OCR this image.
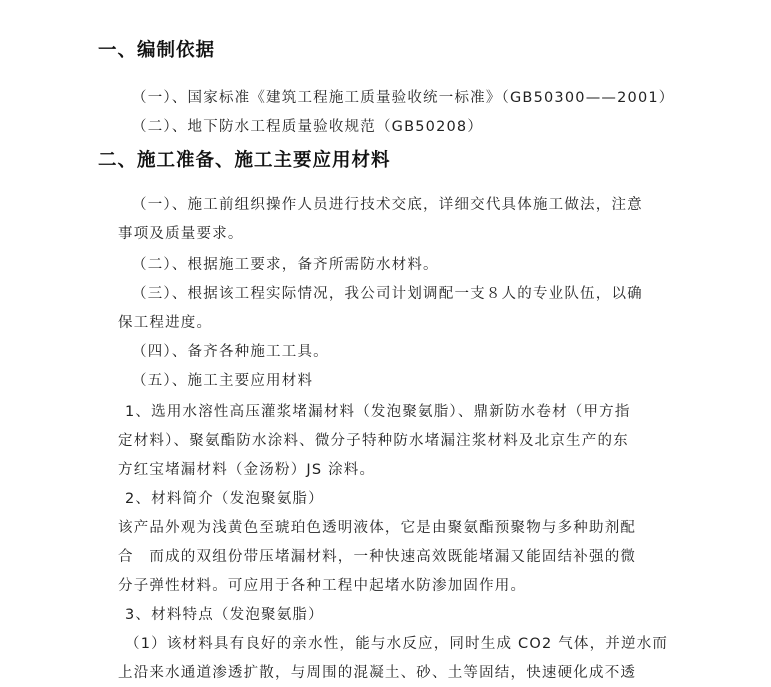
一、编制依据
（一）、国家标准《建筑工程施工质量验收统一标准》（GB50300——2001）
（二）、地下防水工程质量验收规范（GB50208）
二、施工准备、施工主要应用材料
（一）、施工前组织操作人员进行技术交底，详细交代具体施工做法，注意
事项及质量要求。
（二）、根据施工要求，备齐所需防水材料。
（三）、根据该工程实际情况，我公司计划调配一支８人的专业队伍，以确
保工程进度。
（四）、备齐各种施工工具。
（五）、施工主要应用材料
1、选用水溶性高压灌浆堵漏材料（发泡聚氨脂）、鼎新防水卷材（甲方指
定材料）、聚氨酯防水涂料、微分子特种防水堵漏注浆材料及北京生产的东
方红宝堵漏材料（金汤粉）JS 涂料。
2、材料简介（发泡聚氨脂）
该产品外观为浅黄色至琥珀色透明液体，它是由聚氨酯预聚物与多种助剂配
合　而成的双组份带压堵漏材料，一种快速高效既能堵漏又能固结补强的微
分子弹性材料。可应用于各种工程中起堵水防渗加固作用。
3、材料特点（发泡聚氨脂）
（1）该材料具有良好的亲水性，能与水反应，同时生成 CO2 气体，并逆水而
上沿来水通道渗透扩散，与周围的混凝土、砂、土等固结，快速硬化成不透
